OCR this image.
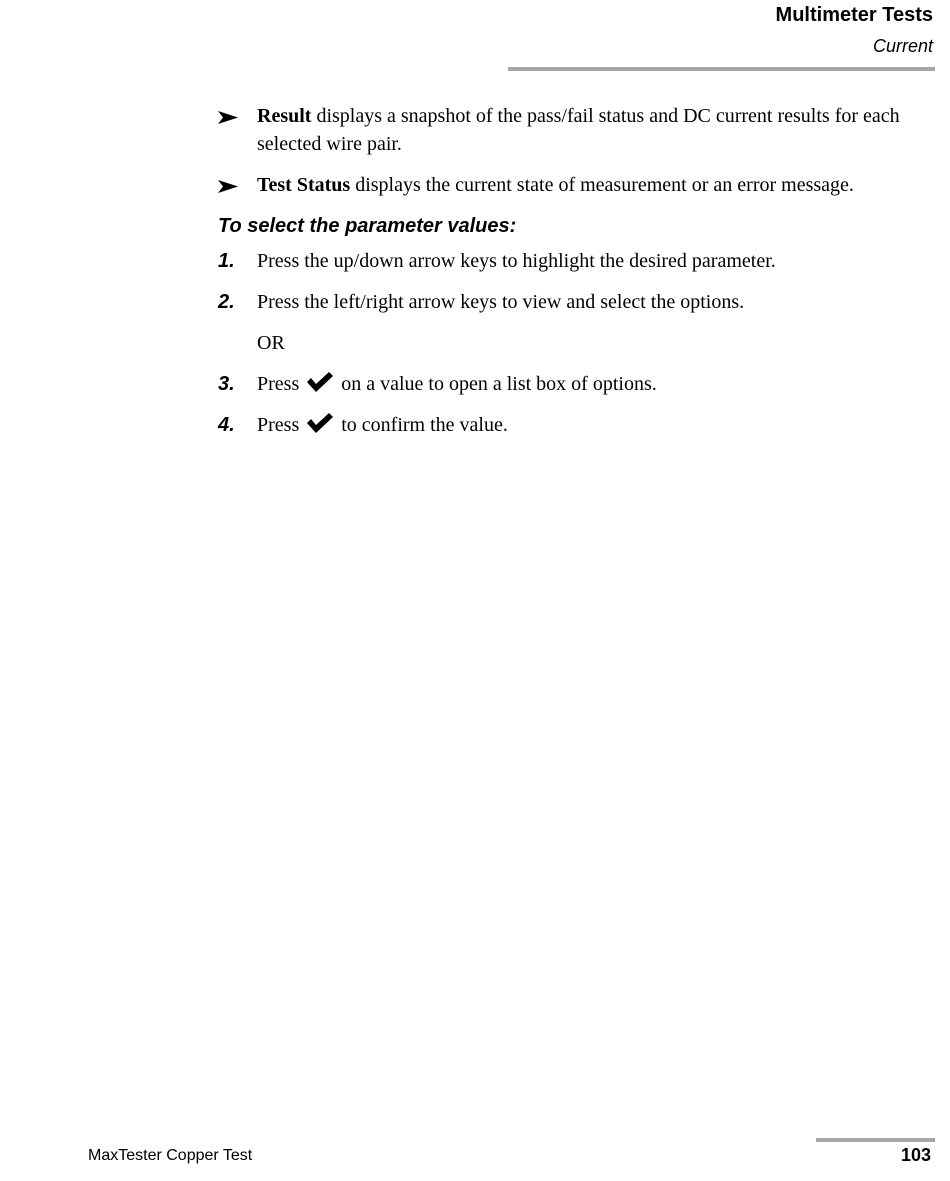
Multimeter Tests
Current
Result displays a snapshot of the pass/fail status and DC current results for each selected wire pair.
Test Status displays the current state of measurement or an error message.
To select the parameter values:
1. Press the up/down arrow keys to highlight the desired parameter.
2. Press the left/right arrow keys to view and select the options.
OR
3. Press on a value to open a list box of options.
4. Press to confirm the value.
MaxTester Copper Test	103
